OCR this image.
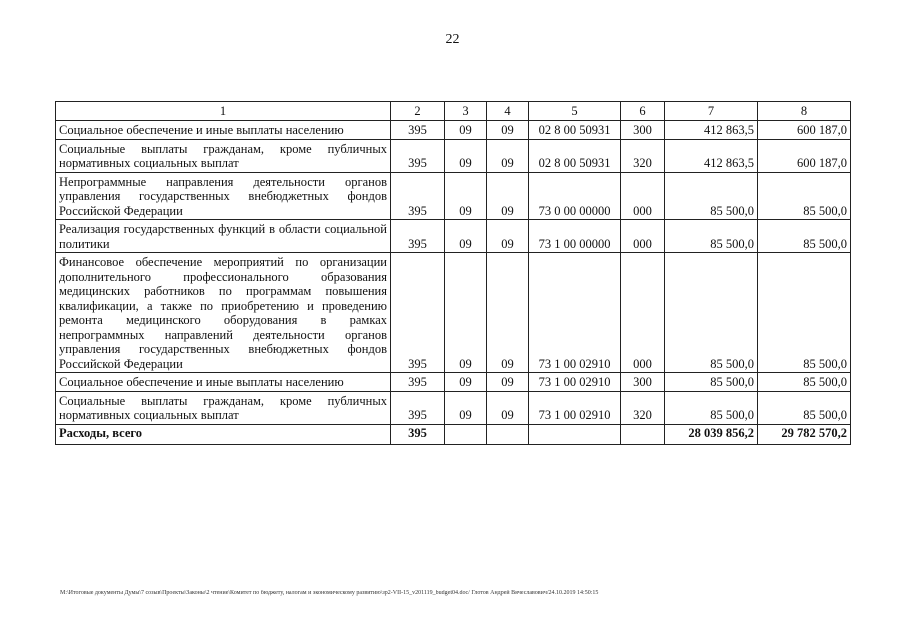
22
1	2	3	4	5	6	7	8
Социальное обеспечение и иные выплаты населению	395	09	09	02 8 00 50931	300	412 863,5	600 187,0
Социальные выплаты гражданам, кроме публичных нормативных социальных выплат	395	09	09	02 8 00 50931	320	412 863,5	600 187,0
Непрограммные направления деятельности органов управления государственных внебюджетных фондов Российской Федерации	395	09	09	73 0 00 00000	000	85 500,0	85 500,0
Реализация государственных функций в области социальной политики	395	09	09	73 1 00 00000	000	85 500,0	85 500,0
Финансовое обеспечение мероприятий по организации дополнительного профессионального образования медицинских работников по программам повышения квалификации, а также по приобретению и проведению ремонта медицинского оборудования в рамках непрограммных направлений деятельности органов управления государственных внебюджетных фондов Российской Федерации	395	09	09	73 1 00 02910	000	85 500,0	85 500,0
Социальное обеспечение и иные выплаты населению	395	09	09	73 1 00 02910	300	85 500,0	85 500,0
Социальные выплаты гражданам, кроме публичных нормативных социальных выплат	395	09	09	73 1 00 02910	320	85 500,0	85 500,0
Расходы, всего	395					28 039 856,2	29 782 570,2
M:\Итоговые документы Думы\7 созыв\Проекты\Законы\2 чтение\Комитет по бюджету, налогам и экономическому развитию\зр2-VII-15_v201119_budget04.doc/ Глотов Андрей Вячеславович/24.10.2019 14:50:15
